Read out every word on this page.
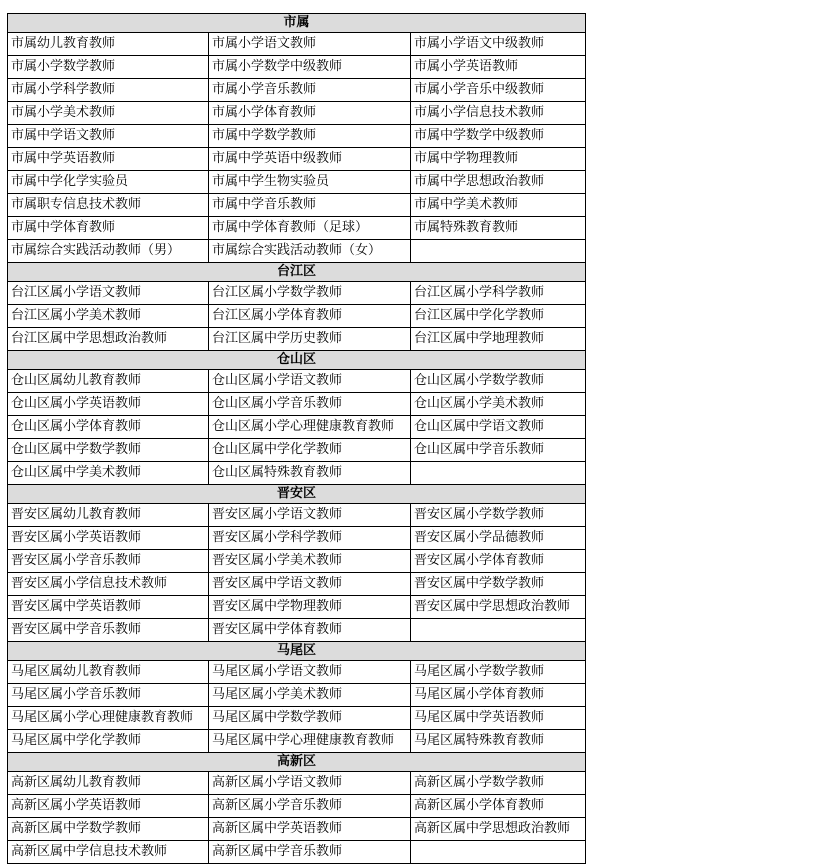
市属		
市属幼儿教育教师	市属小学语文教师	市属小学语文中级教师
市属小学数学教师	市属小学数学中级教师	市属小学英语教师
市属小学科学教师	市属小学音乐教师	市属小学音乐中级教师
市属小学美术教师	市属小学体育教师	市属小学信息技术教师
市属中学语文教师	市属中学数学教师	市属中学数学中级教师
市属中学英语教师	市属中学英语中级教师	市属中学物理教师
市属中学化学实验员	市属中学生物实验员	市属中学思想政治教师
市属职专信息技术教师	市属中学音乐教师	市属中学美术教师
市属中学体育教师	市属中学体育教师（足球）	市属特殊教育教师
市属综合实践活动教师（男）	市属综合实践活动教师（女）	
台江区		
台江区属小学语文教师	台江区属小学数学教师	台江区属小学科学教师
台江区属小学美术教师	台江区属小学体育教师	台江区属中学化学教师
台江区属中学思想政治教师	台江区属中学历史教师	台江区属中学地理教师
仓山区		
仓山区属幼儿教育教师	仓山区属小学语文教师	仓山区属小学数学教师
仓山区属小学英语教师	仓山区属小学音乐教师	仓山区属小学美术教师
仓山区属小学体育教师	仓山区属小学心理健康教育教师	仓山区属中学语文教师
仓山区属中学数学教师	仓山区属中学化学教师	仓山区属中学音乐教师
仓山区属中学美术教师	仓山区属特殊教育教师	
晋安区		
晋安区属幼儿教育教师	晋安区属小学语文教师	晋安区属小学数学教师
晋安区属小学英语教师	晋安区属小学科学教师	晋安区属小学品德教师
晋安区属小学音乐教师	晋安区属小学美术教师	晋安区属小学体育教师
晋安区属小学信息技术教师	晋安区属中学语文教师	晋安区属中学数学教师
晋安区属中学英语教师	晋安区属中学物理教师	晋安区属中学思想政治教师
晋安区属中学音乐教师	晋安区属中学体育教师	
马尾区		
马尾区属幼儿教育教师	马尾区属小学语文教师	马尾区属小学数学教师
马尾区属小学音乐教师	马尾区属小学美术教师	马尾区属小学体育教师
马尾区属小学心理健康教育教师	马尾区属中学数学教师	马尾区属中学英语教师
马尾区属中学化学教师	马尾区属中学心理健康教育教师	马尾区属特殊教育教师
高新区		
高新区属幼儿教育教师	高新区属小学语文教师	高新区属小学数学教师
高新区属小学英语教师	高新区属小学音乐教师	高新区属小学体育教师
高新区属中学数学教师	高新区属中学英语教师	高新区属中学思想政治教师
高新区属中学信息技术教师	高新区属中学音乐教师	
